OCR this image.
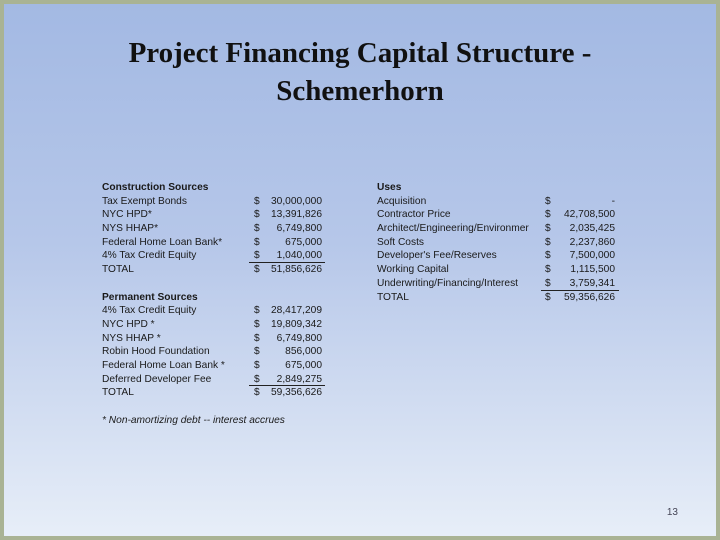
Project Financing Capital Structure -
Schemerhorn
Construction Sources
Tax Exempt Bonds	$	30,000,000
NYC HPD*	$	13,391,826
NYS HHAP*	$	6,749,800
Federal Home Loan Bank*	$	675,000
4% Tax Credit Equity	$	1,040,000
TOTAL	$	51,856,626
Permanent Sources
4% Tax Credit Equity	$	28,417,209
NYC HPD *	$	19,809,342
NYS HHAP *	$	6,749,800
Robin Hood Foundation	$	856,000
Federal Home Loan Bank *	$	675,000
Deferred Developer Fee	$	2,849,275
TOTAL	$	59,356,626
* Non-amortizing debt -- interest accrues
Uses
Acquisition	$	-
Contractor Price	$	42,708,500
Architect/Engineering/Environmer $	2,035,425
Soft Costs	$	2,237,860
Developer's Fee/Reserves	$	7,500,000
Working Capital	$	1,115,500
Underwriting/Financing/Interest	$	3,759,341
TOTAL	$	59,356,626
13
